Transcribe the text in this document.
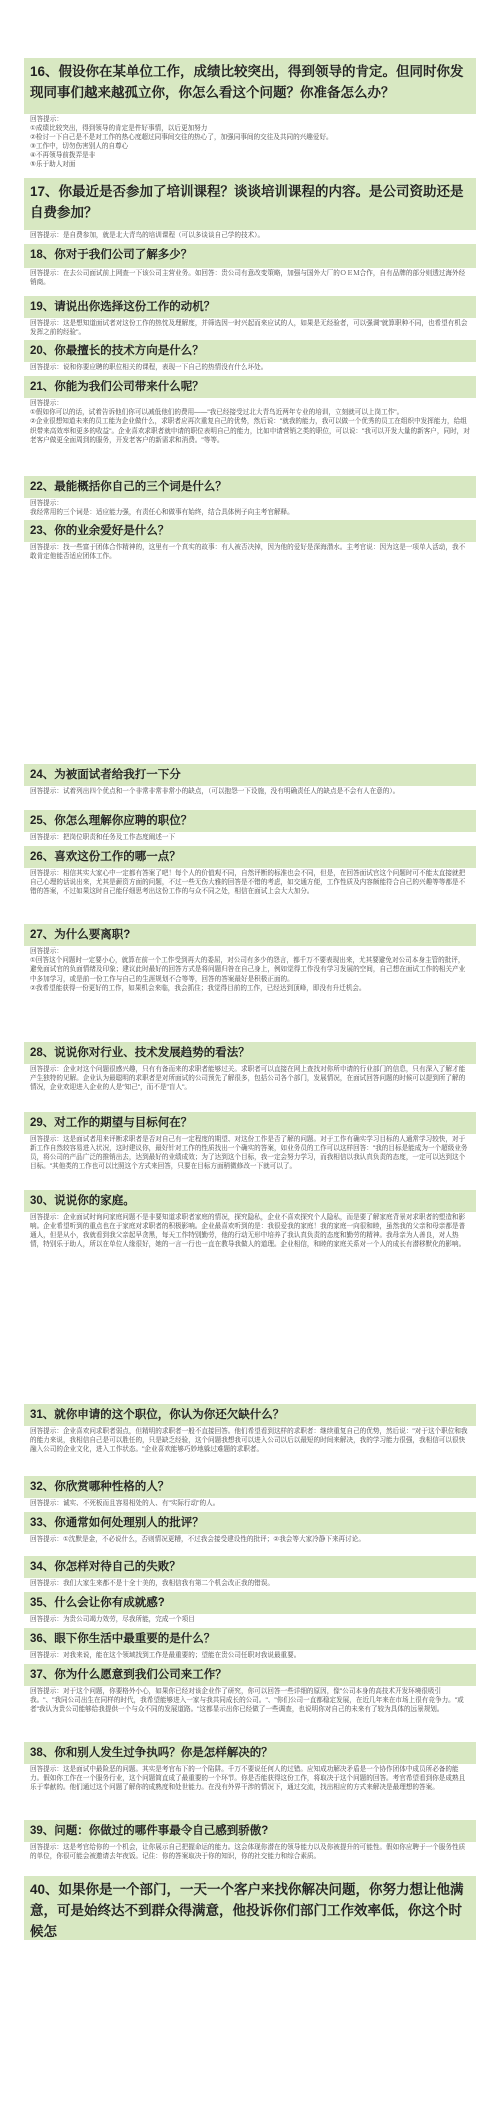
16、假设你在某单位工作，成绩比较突出，得到领导的肯定。但同时你发现同事们越来越孤立你，你怎么看这个问题？你准备怎么办？

回答提示：
①成绩比较突出，得到领导的肯定是件好事情，以后更加努力
②检讨一下自己是不是对工作的热心度超过同事间交往的热心了，加强同事间的交往及共同的兴趣爱好。
③工作中，切勿伤害别人的自尊心
④不再领导前拨弄是非
⑤乐于助人对面

17、你最近是否参加了培训课程？谈谈培训课程的内容。是公司资助还是自费参加？

回答提示：是自费参加，就是北大青鸟的培训课程（可以多谈谈自己学的技术）。

18、你对于我们公司了解多少？

回答提示：在去公司面试前上网查一下该公司主营业务。如回答：贵公司有意改变策略，加强与国外大厂的ＯＥＭ合作，自有品牌的部分则透过海外经销商。

19、请说出你选择这份工作的动机？

回答提示：这是想知道面试者对这份工作的热忱及理解度，并筛选因一时兴起而来应试的人，如果是无经验者，可以强调"就算职种不同，也希望有机会发挥之前的经验"。

20、你最擅长的技术方向是什么？

回答提示：说和你要应聘的职位相关的课程，表现一下自己的热情没有什么坏处。

21、你能为我们公司带来什么呢？

回答提示：
①假如你可以的话，试着告诉他们你可以减低他们的费用——"我已经接受过北大青鸟近两年专业的培训，立刻就可以上岗工作"。
②企业很想知道未来的员工能为企业做什么，求职者应再次重复自己的优势，然后说："就我的能力，我可以做一个优秀的员工在组织中发挥能力，给组织带来高效率和更多的收益"。企业喜欢求职者就申请的职位表明自己的能力，比如申请营销之类的职位，可以说："我可以开发大量的新客户，同时，对老客户做更全面周到的服务，开发老客户的新需求和消费。"等等。

22、最能概括你自己的三个词是什么？

回答提示：
我经常用的三个词是：适应能力强，有责任心和做事有始终，结合具体例子向主考官解释。

23、你的业余爱好是什么？

回答提示：找一些富于团体合作精神的，这里有一个真实的故事：有人被否决掉，因为他的爱好是深海潜水。主考官说：因为这是一项单人活动，我不敢肯定他能否适应团体工作。

24、为被面试者给我打一下分

回答提示：试着列出四个优点和一个非常非常非常小的缺点，（可以抱怨一下设施，没有明确责任人的缺点是不会有人在意的）。

25、你怎么理解你应聘的职位？

回答提示：把岗位职责和任务及工作态度阐述一下

26、喜欢这份工作的哪一点？

回答提示：相信其实大家心中一定都有答案了吧！每个人的价值观不同，自然评断的标准也会不同，但是，在回答面试官这个问题时可不能太直接就把自己心理的话说出来，尤其是薪资方面的问题，不过一些无伤大雅的回答是不错的考虑，如交通方便，工作性质及内容颇能符合自己的兴趣等等都是不错的答案，不过如果这时自己能仔细思考出这份工作的与众不同之处，相信在面试上会大大加分。

27、为什么要离职?

回答提示：
①回答这个问题时一定要小心，就算在前一个工作受到再大的委屈，对公司有多少的怨言，都千万不要表现出来，尤其要避免对公司本身主管的批评，避免面试官的负面情绪及印象；建议此时最好的回答方式是将问题归咎在自己身上，例如觉得工作没有学习发展的空间，自己想在面试工作的相关产业中多加学习，或是前一份工作与自己的生涯规划不合等等，回答的答案最好是积极正面的。
②我希望能获得一份更好的工作，如果机会来临，我会抓住；我觉得目前的工作，已经达到顶峰，即没有升迁机会。

28、说说你对行业、技术发展趋势的看法？

回答提示：企业对这个问题很感兴趣，只有有备而来的求职者能够过关。求职者可以直接在网上查找对你所申请的行业部门的信息，只有深入了解才能产生独特的见解。企业认为最聪明的求职者是对所面试的公司预先了解很多，包括公司各个部门，发展情况，在面试回答问题的时候可以提到所了解的情况，企业欢迎进入企业的人是"知己"，而不是"盲人"。

29、对工作的期望与目标何在？

回答提示：这是面试者用来评断求职者是否对自己有一定程度的期望、对这份工作是否了解的问题。对于工作有确实学习目标的人通常学习较快，对于新工作自然较容易进入状况，这时建议你，最好针对工作的性质找出一个确实的答案，如业务员的工作可以这样回答："我的目标是能成为一个超级业务员，将公司的产品广泛的推销出去，达到最好的业绩成效；为了达到这个目标，我一定会努力学习，而我相信以我认真负责的态度，一定可以达到这个目标。"其他类的工作也可以比照这个方式来回答，只要在目标方面稍微修改一下就可以了。

30、说说你的家庭。

回答提示：企业面试时询问家庭问题不是非要知道求职者家庭的情况，探究隐私，企业不喜欢探究个人隐私，而是要了解家庭背景对求职者的塑造和影响。企业希望听到的重点也在于家庭对求职者的积极影响。企业最喜欢听到的是：我很爱我的家庭！我的家庭一向很和睦，虽然我的父亲和母亲都是普通人，但是从小，我就看到我父亲起早贪黑，每天工作特别勤劳，他的行动无形中培养了我认真负责的态度和勤劳的精神。我母亲为人善良，对人热情，特别乐于助人，所以在单位人缘很好，她的一言一行也一直在教导我做人的道理。企业相信，和睦的家庭关系对一个人的成长有潜移默化的影响。

31、就你申请的这个职位，你认为你还欠缺什么？

回答提示：企业喜欢问求职者弱点，但精明的求职者一般不直接回答。他们希望看到这样的求职者：继续重复自己的优势，然后说："对于这个职位和我的能力来说，我相信自己是可以胜任的，只是缺乏经验，这个问题我想我可以进入公司以后以最短的时间来解决，我的学习能力很强，我相信可以很快融入公司的企业文化，进入工作状态。"企业喜欢能够巧妙地躲过难题的求职者。

32、你欣赏哪种性格的人？

回答提示：诚实、不死板而且容易相处的人、有"实际行动"的人。

33、你通常如何处理别人的批评？

回答提示：①沈默是金，不必说什么，否则情况更糟，不过我会接受建设性的批评；②我会等大家冷静下来再讨论。

34、你怎样对待自己的失败？

回答提示：我们大家生来都不是十全十美的，我相信我有第二个机会改正我的错误。

35、什么会让你有成就感?

回答提示：为贵公司竭力效劳，尽我所能，完成一个项目

36、眼下你生活中最重要的是什么？

回答提示：对我来说，能在这个领域找到工作是最重要的；望能在贵公司任职对我说最重要。

37、你为什么愿意到我们公司来工作？

回答提示：对于这个问题，你要格外小心，如果你已经对该企业作了研究，你可以回答一些详细的原因，像"公司本身的高技术开发环境很吸引我。"、"我同公司出生在同样的时代，我希望能够进入一家与我共同成长的公司。"、"你们公司一直都稳定发展，在近几年来在市场上很有竞争力。"或者"我认为贵公司能够给我提供一个与众不同的发展道路。"这都显示出你已经做了一些调查，也说明你对自己的未来有了较为具体的远景规划。

38、你和别人发生过争执吗？你是怎样解决的？

回答提示：这是面试中最险恶的问题。其实是考官布下的一个陷阱。千万不要说任何人的过错。应知成功解决矛盾是一个协作团体中成员所必备的能力。假如你工作在一个服务行业，这个问题简直成了最重要的一个环节。你是否能获得这份工作，将取决于这个问题的回答。考官希望看到你是成熟且乐于奉献的。他们通过这个问题了解你的成熟度和处世能力。在没有外界干涉的情况下，通过交流，找出相应的方式来解决是最理想的答案。

39、问题：你做过的哪件事最令自己感到骄傲?

回答提示：这是考官给你的一个机会，让你展示自己把握命运的能力。这会体现你潜在的领导能力以及你被提升的可能性。假如你应聘于一个服务性质的单位，你很可能会被邀请去年夜饭。记住：你的答案取决于你的知识，你的社交能力和综合素质。

40、如果你是一个部门，一天一个客户来找你解决问题，你努力想让他满意，可是始终达不到群众得满意，他投诉你们部门工作效率低，你这个时候怎
